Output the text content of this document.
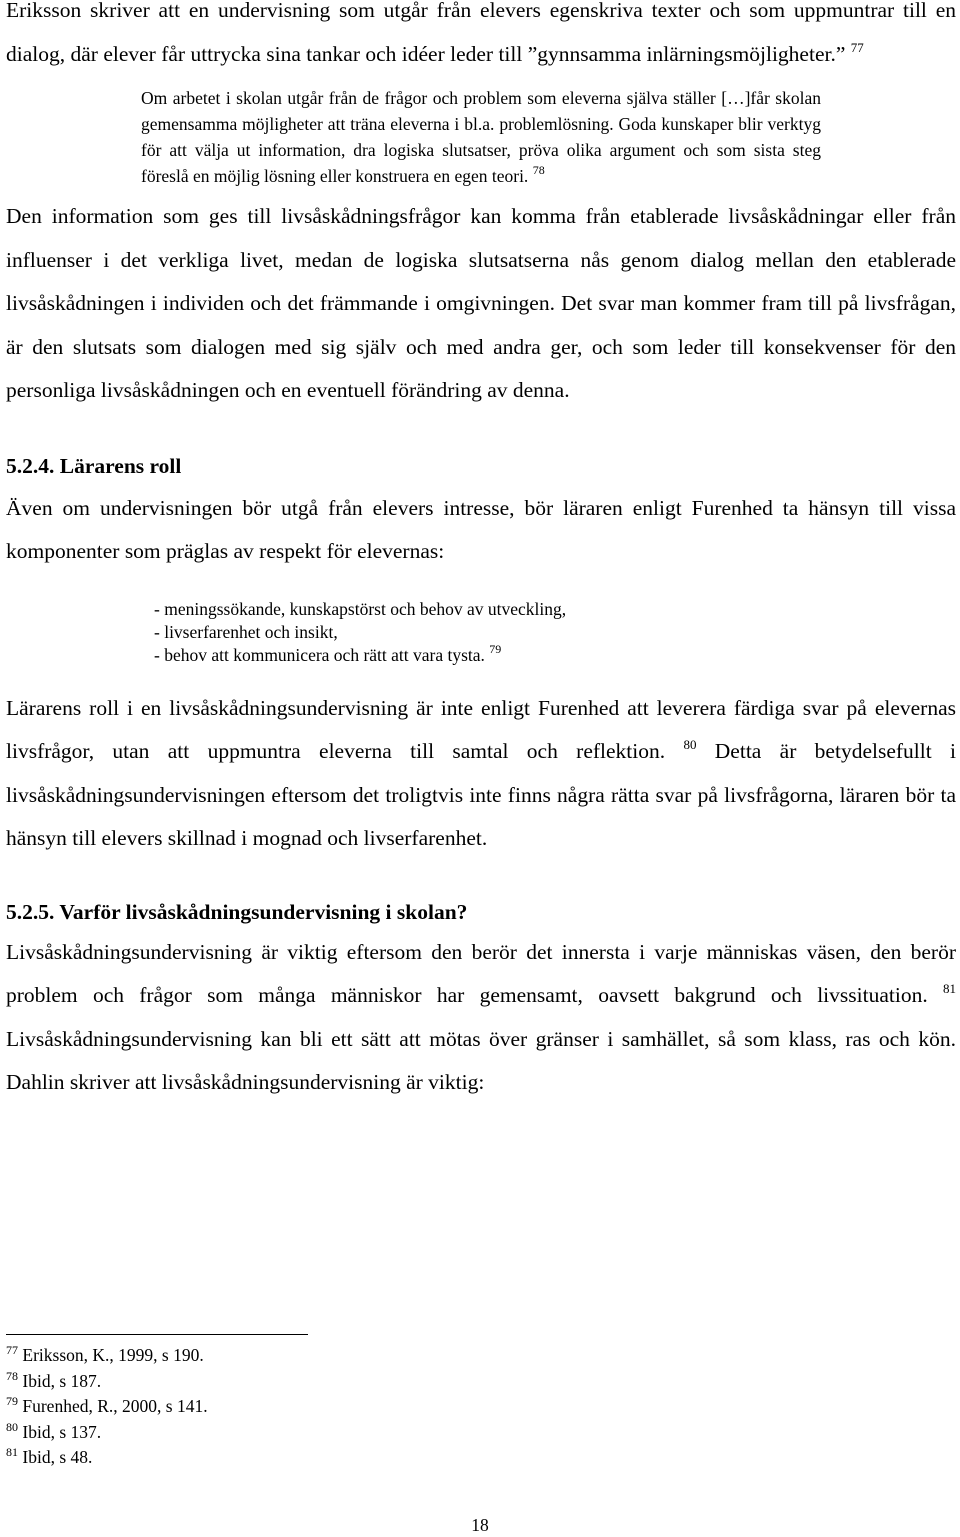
Eriksson skriver att en undervisning som utgår från elevers egenskriva texter och som uppmuntrar till en dialog, där elever får uttrycka sina tankar och idéer leder till ”gynnsamma inlärningsmöjligheter.” $^{77}$

Om arbetet i skolan utgår från de frågor och problem som eleverna själva ställer […]får skolan gemensamma möjligheter att träna eleverna i bl.a. problemlösning. Goda kunskaper blir verktyg för att välja ut information, dra logiska slutsatser, pröva olika argument och som sista steg föreslå en möjlig lösning eller konstruera en egen teori. $^{78}$

Den information som ges till livsåskådningsfrågor kan komma från etablerade livsåskådningar eller från influenser i det verkliga livet, medan de logiska slutsatserna nås genom dialog mellan den etablerade livsåskådningen i individen och det främmande i omgivningen. Det svar man kommer fram till på livsfrågan, är den slutsats som dialogen med sig själv och med andra ger, och som leder till konsekvenser för den personliga livsåskådningen och en eventuell förändring av denna.

5.2.4. Lärarens roll

Även om undervisningen bör utgå från elevers intresse, bör läraren enligt Furenhed ta hänsyn till vissa komponenter som präglas av respekt för elevernas:

- meningssökande, kunskapstörst och behov av utveckling,
- livserfarenhet och insikt,
- behov att kommunicera och rätt att vara tysta. $^{79}$

Lärarens roll i en livsåskådningsundervisning är inte enligt Furenhed att leverera färdiga svar på elevernas livsfrågor, utan att uppmuntra eleverna till samtal och reflektion. $^{80}$ Detta är betydelsefullt i livsåskådningsundervisningen eftersom det troligtvis inte finns några rätta svar på livsfrågorna, läraren bör ta hänsyn till elevers skillnad i mognad och livserfarenhet.

5.2.5. Varför livsåskådningsundervisning i skolan?

Livsåskådningsundervisning är viktig eftersom den berör det innersta i varje människas väsen, den berör problem och frågor som många människor har gemensamt, oavsett bakgrund och livssituation. $^{81}$ Livsåskådningsundervisning kan bli ett sätt att mötas över gränser i samhället, så som klass, ras och kön. Dahlin skriver att livsåskådningsundervisning är viktig:

$^{77}$ Eriksson, K., 1999, s 190.
$^{78}$ Ibid, s 187.
$^{79}$ Furenhed, R., 2000, s 141.
$^{80}$ Ibid, s 137.
$^{81}$ Ibid, s 48.
18
